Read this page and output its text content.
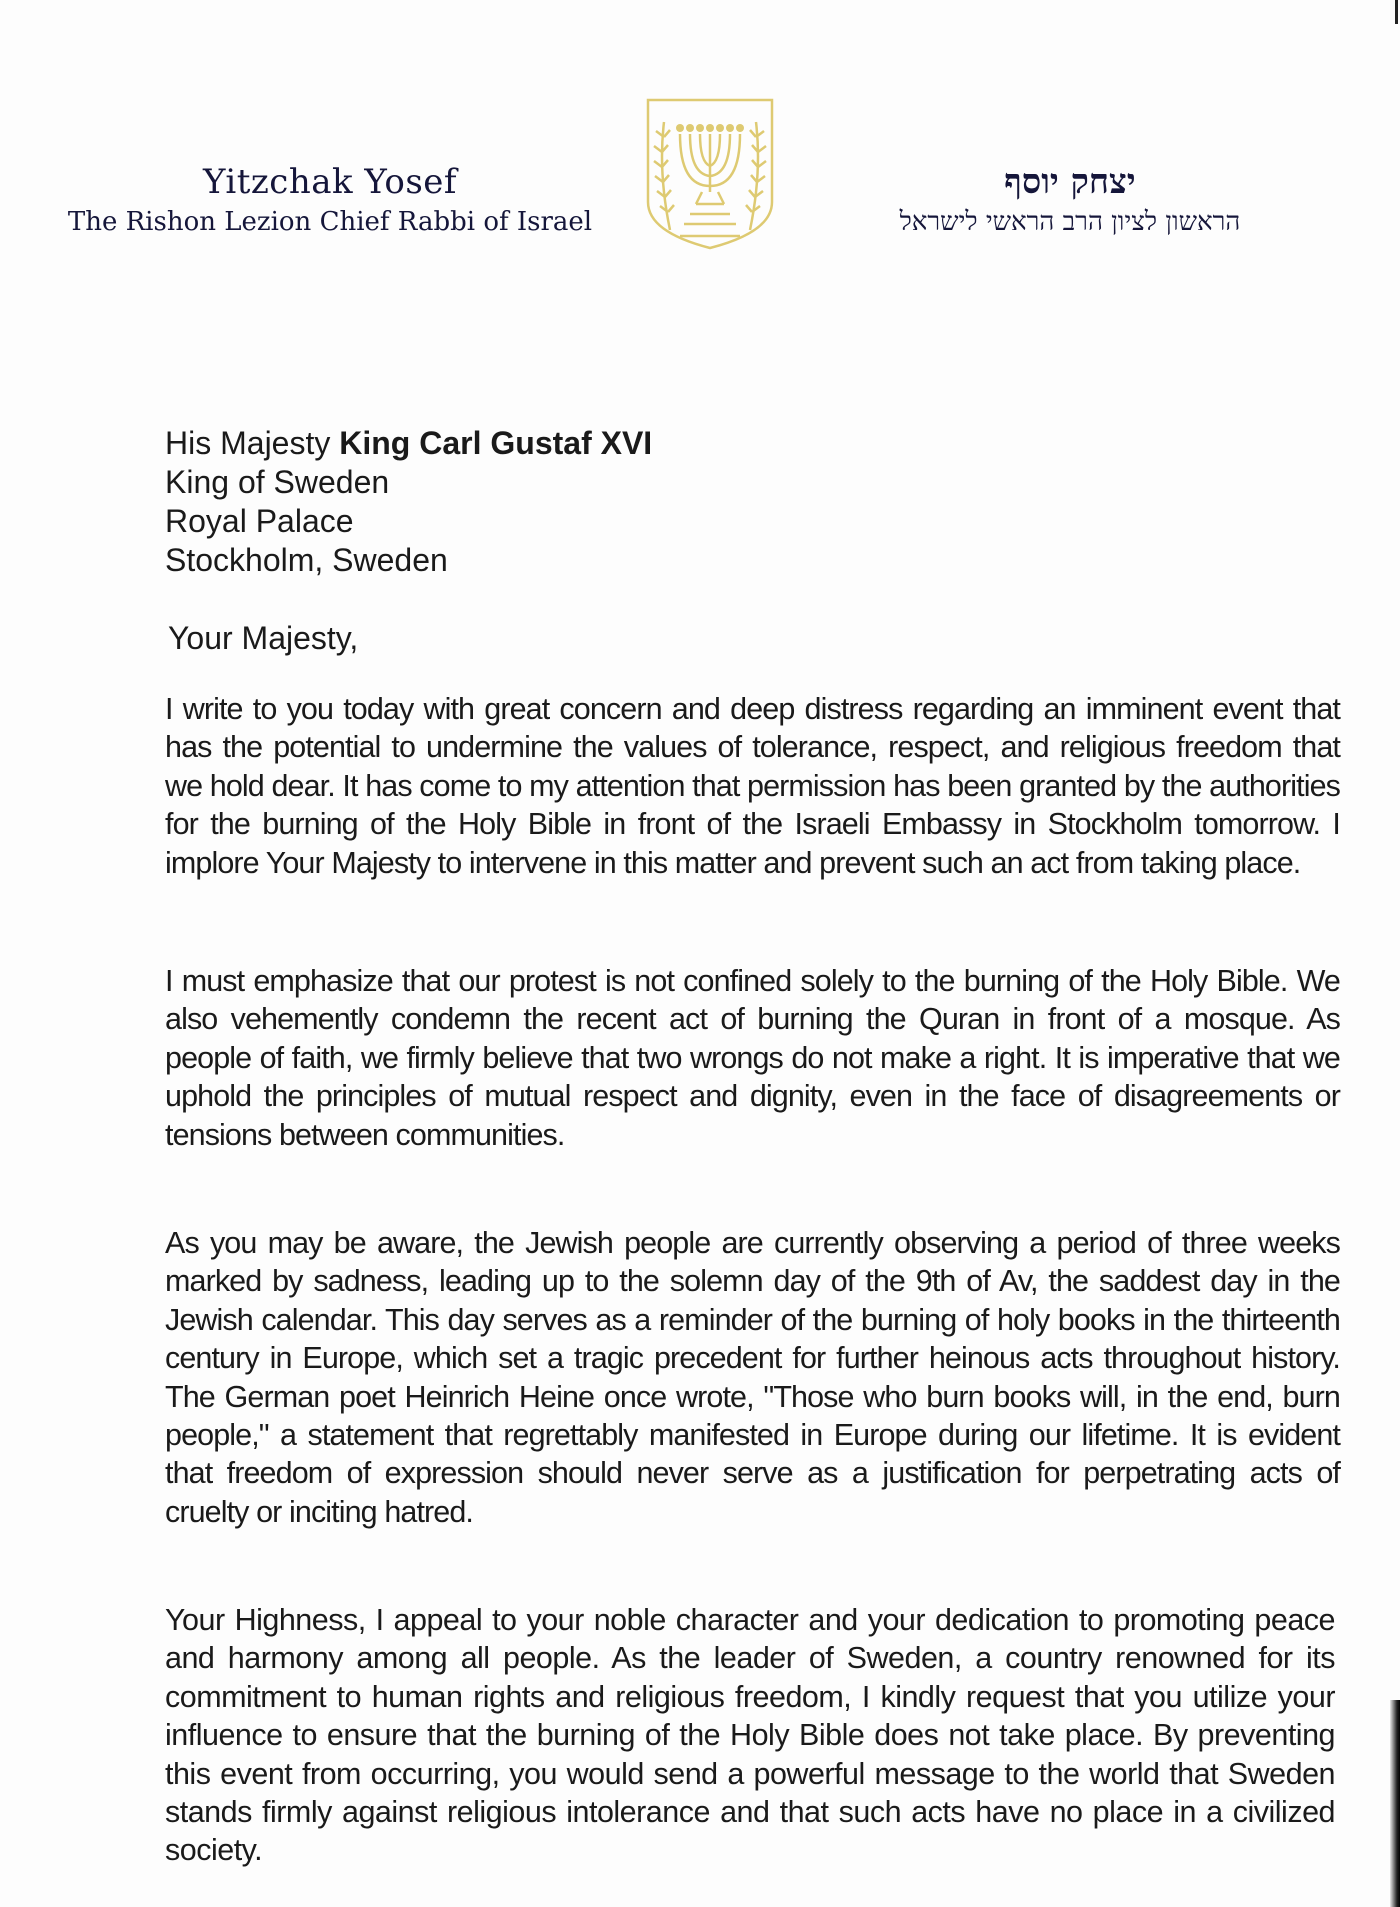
Yitzchak Yosef
The Rishon Lezion Chief Rabbi of Israel
יצחק יוסף
הראשון לציון הרב הראשי לישראל
His Majesty King Carl Gustaf XVI
King of Sweden
Royal Palace
Stockholm, Sweden
Your Majesty,

I write to you today with great concern and deep distress regarding an imminent event that has the potential to undermine the values of tolerance, respect, and religious freedom that we hold dear. It has come to my attention that permission has been granted by the authorities for the burning of the Holy Bible in front of the Israeli Embassy in Stockholm tomorrow. I implore Your Majesty to intervene in this matter and prevent such an act from taking place.

I must emphasize that our protest is not confined solely to the burning of the Holy Bible. We also vehemently condemn the recent act of burning the Quran in front of a mosque. As people of faith, we firmly believe that two wrongs do not make a right. It is imperative that we uphold the principles of mutual respect and dignity, even in the face of disagreements or tensions between communities.

As you may be aware, the Jewish people are currently observing a period of three weeks marked by sadness, leading up to the solemn day of the 9th of Av, the saddest day in the Jewish calendar. This day serves as a reminder of the burning of holy books in the thirteenth century in Europe, which set a tragic precedent for further heinous acts throughout history. The German poet Heinrich Heine once wrote, "Those who burn books will, in the end, burn people," a statement that regrettably manifested in Europe during our lifetime. It is evident that freedom of expression should never serve as a justification for perpetrating acts of cruelty or inciting hatred.

Your Highness, I appeal to your noble character and your dedication to promoting peace and harmony among all people. As the leader of Sweden, a country renowned for its commitment to human rights and religious freedom, I kindly request that you utilize your influence to ensure that the burning of the Holy Bible does not take place. By preventing this event from occurring, you would send a powerful message to the world that Sweden stands firmly against religious intolerance and that such acts have no place in a civilized society.
